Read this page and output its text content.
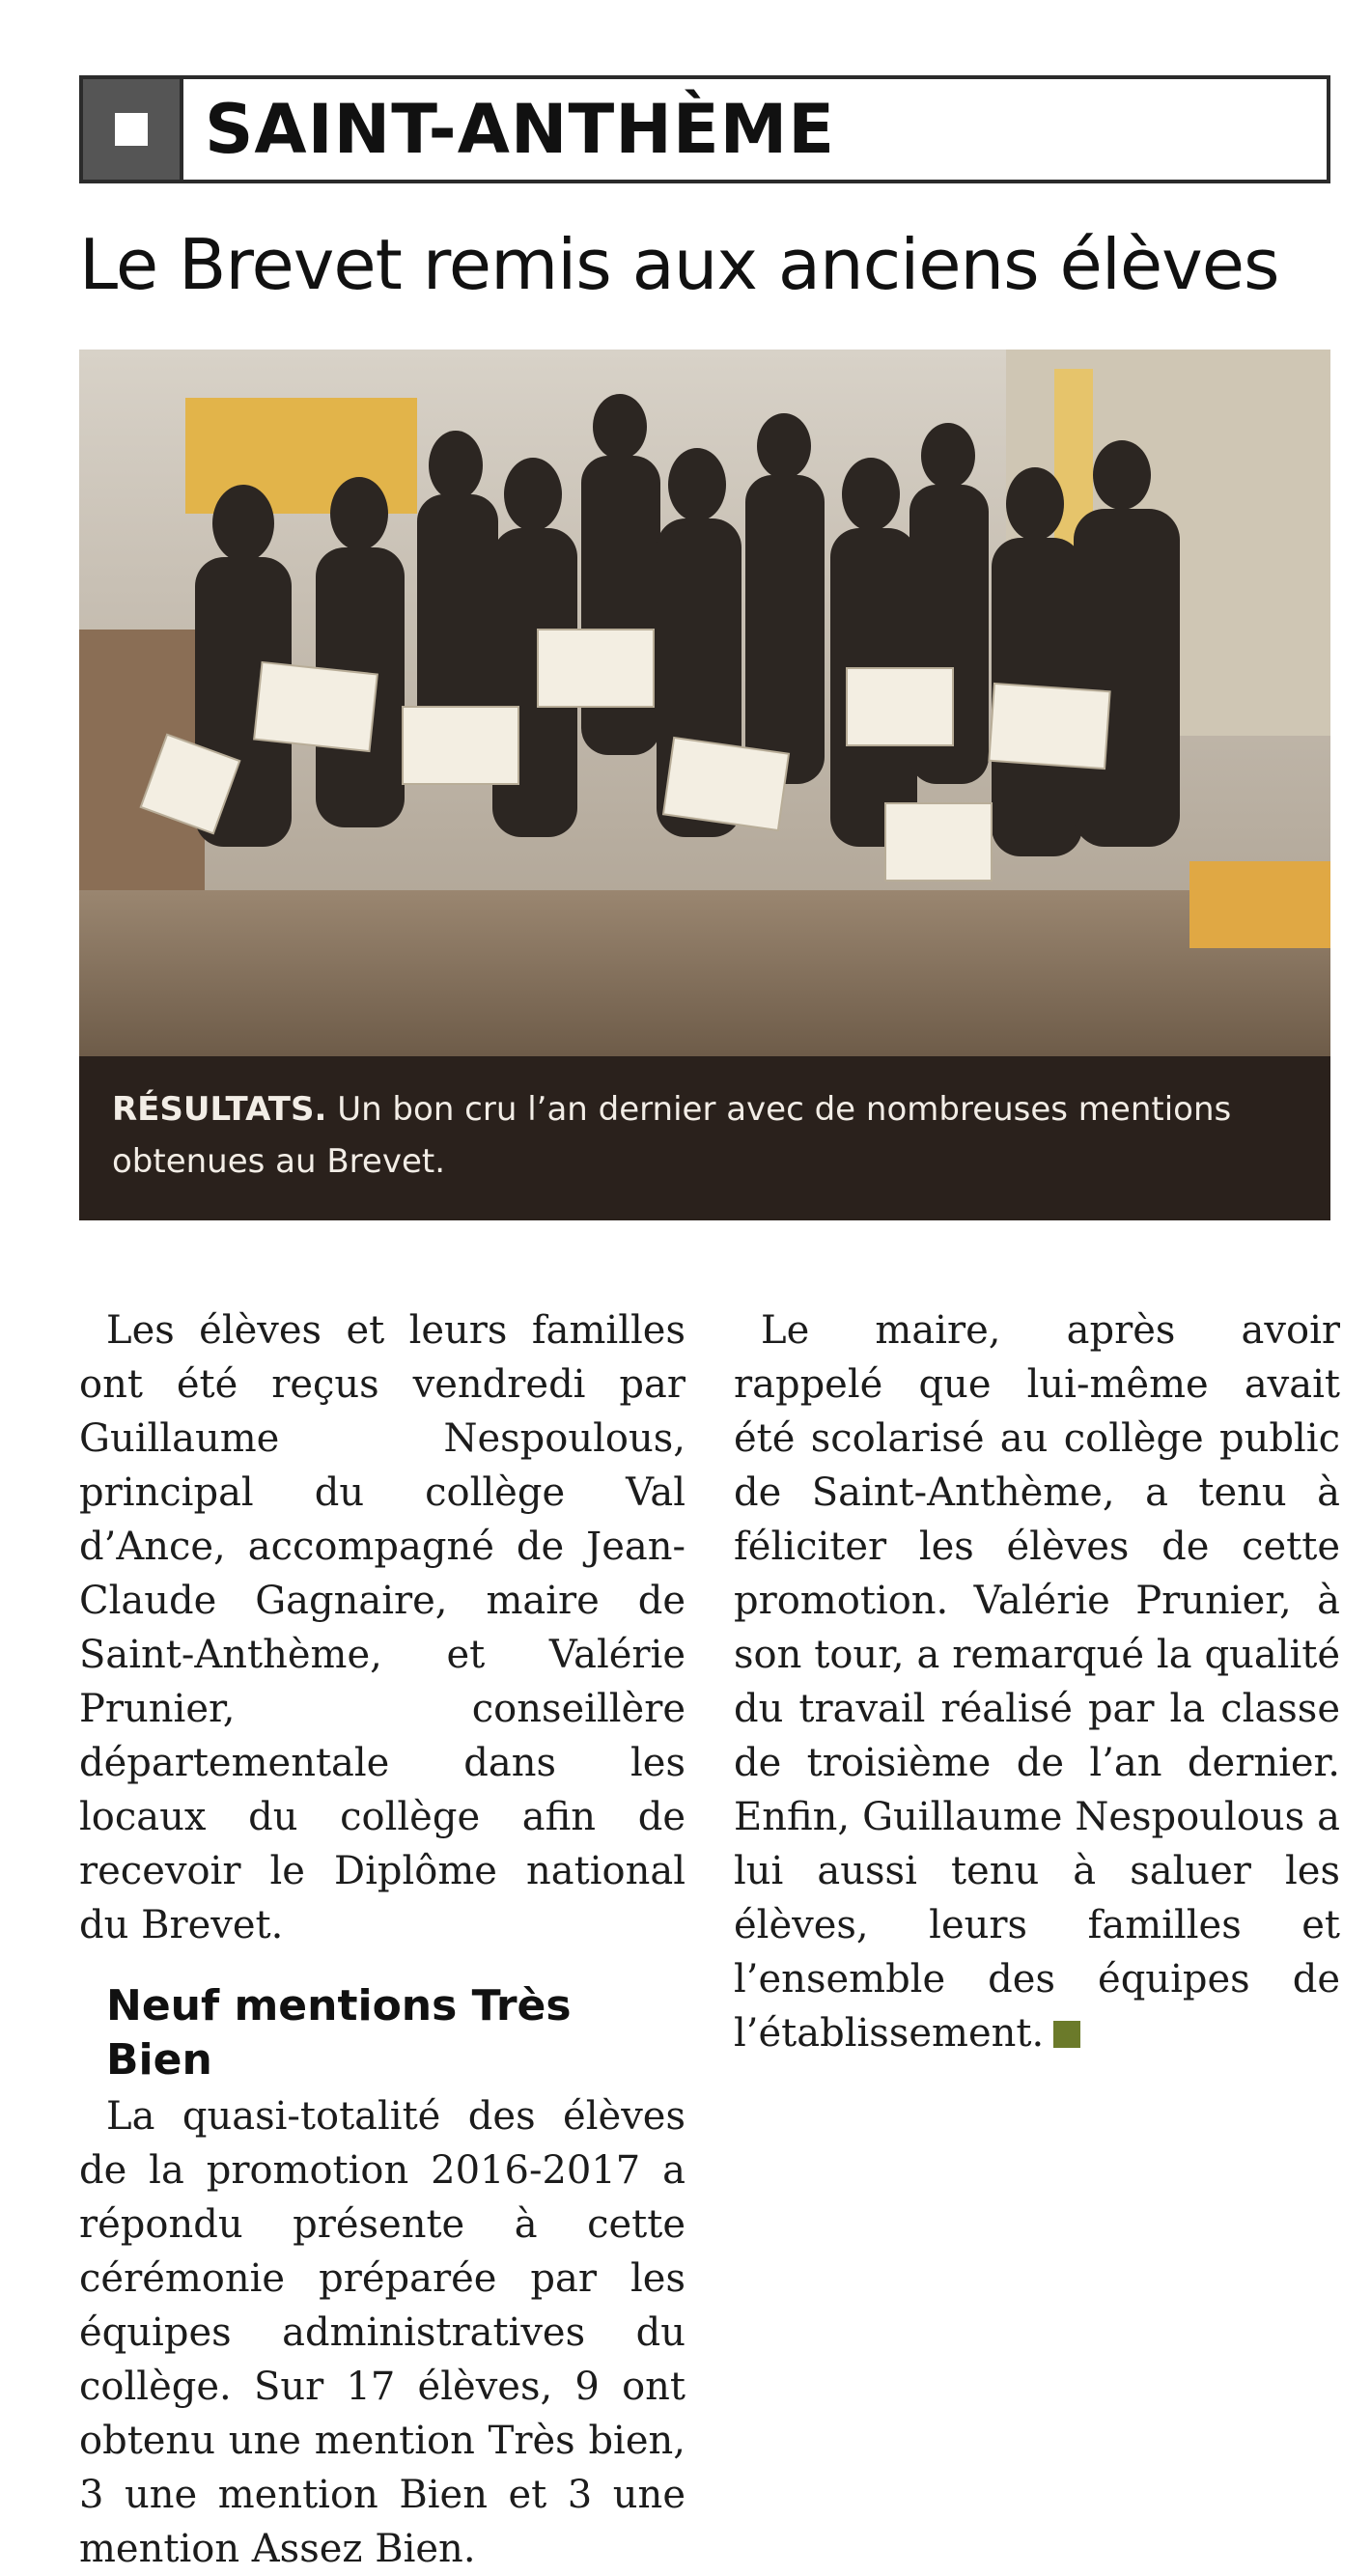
SAINT-ANTHÈME
Le Brevet remis aux anciens élèves
RÉSULTATS. Un bon cru l’an dernier avec de nombreuses mentions obtenues au Brevet.

Les élèves et leurs familles ont été reçus vendredi par Guillaume Nespoulous, principal du collège Val d’Ance, accompagné de Jean-Claude Gagnaire, maire de Saint-Anthème, et Valérie Prunier, conseillère départementale dans les locaux du collège afin de recevoir le Diplôme national du Brevet.

Neuf mentions Très Bien

La quasi-totalité des élèves de la promotion 2016-2017 a répondu présente à cette cérémonie préparée par les équipes administratives du collège. Sur 17 élèves, 9 ont obtenu une mention Très bien, 3 une mention Bien et 3 une mention Assez Bien.

Le maire, après avoir rappelé que lui-même avait été scolarisé au collège public de Saint-Anthème, a tenu à féliciter les élèves de cette promotion. Valérie Prunier, à son tour, a remarqué la qualité du travail réalisé par la classe de troisième de l’an dernier. Enfin, Guillaume Nespoulous a lui aussi tenu à saluer les élèves, leurs familles et l’ensemble des équipes de l’établissement.
